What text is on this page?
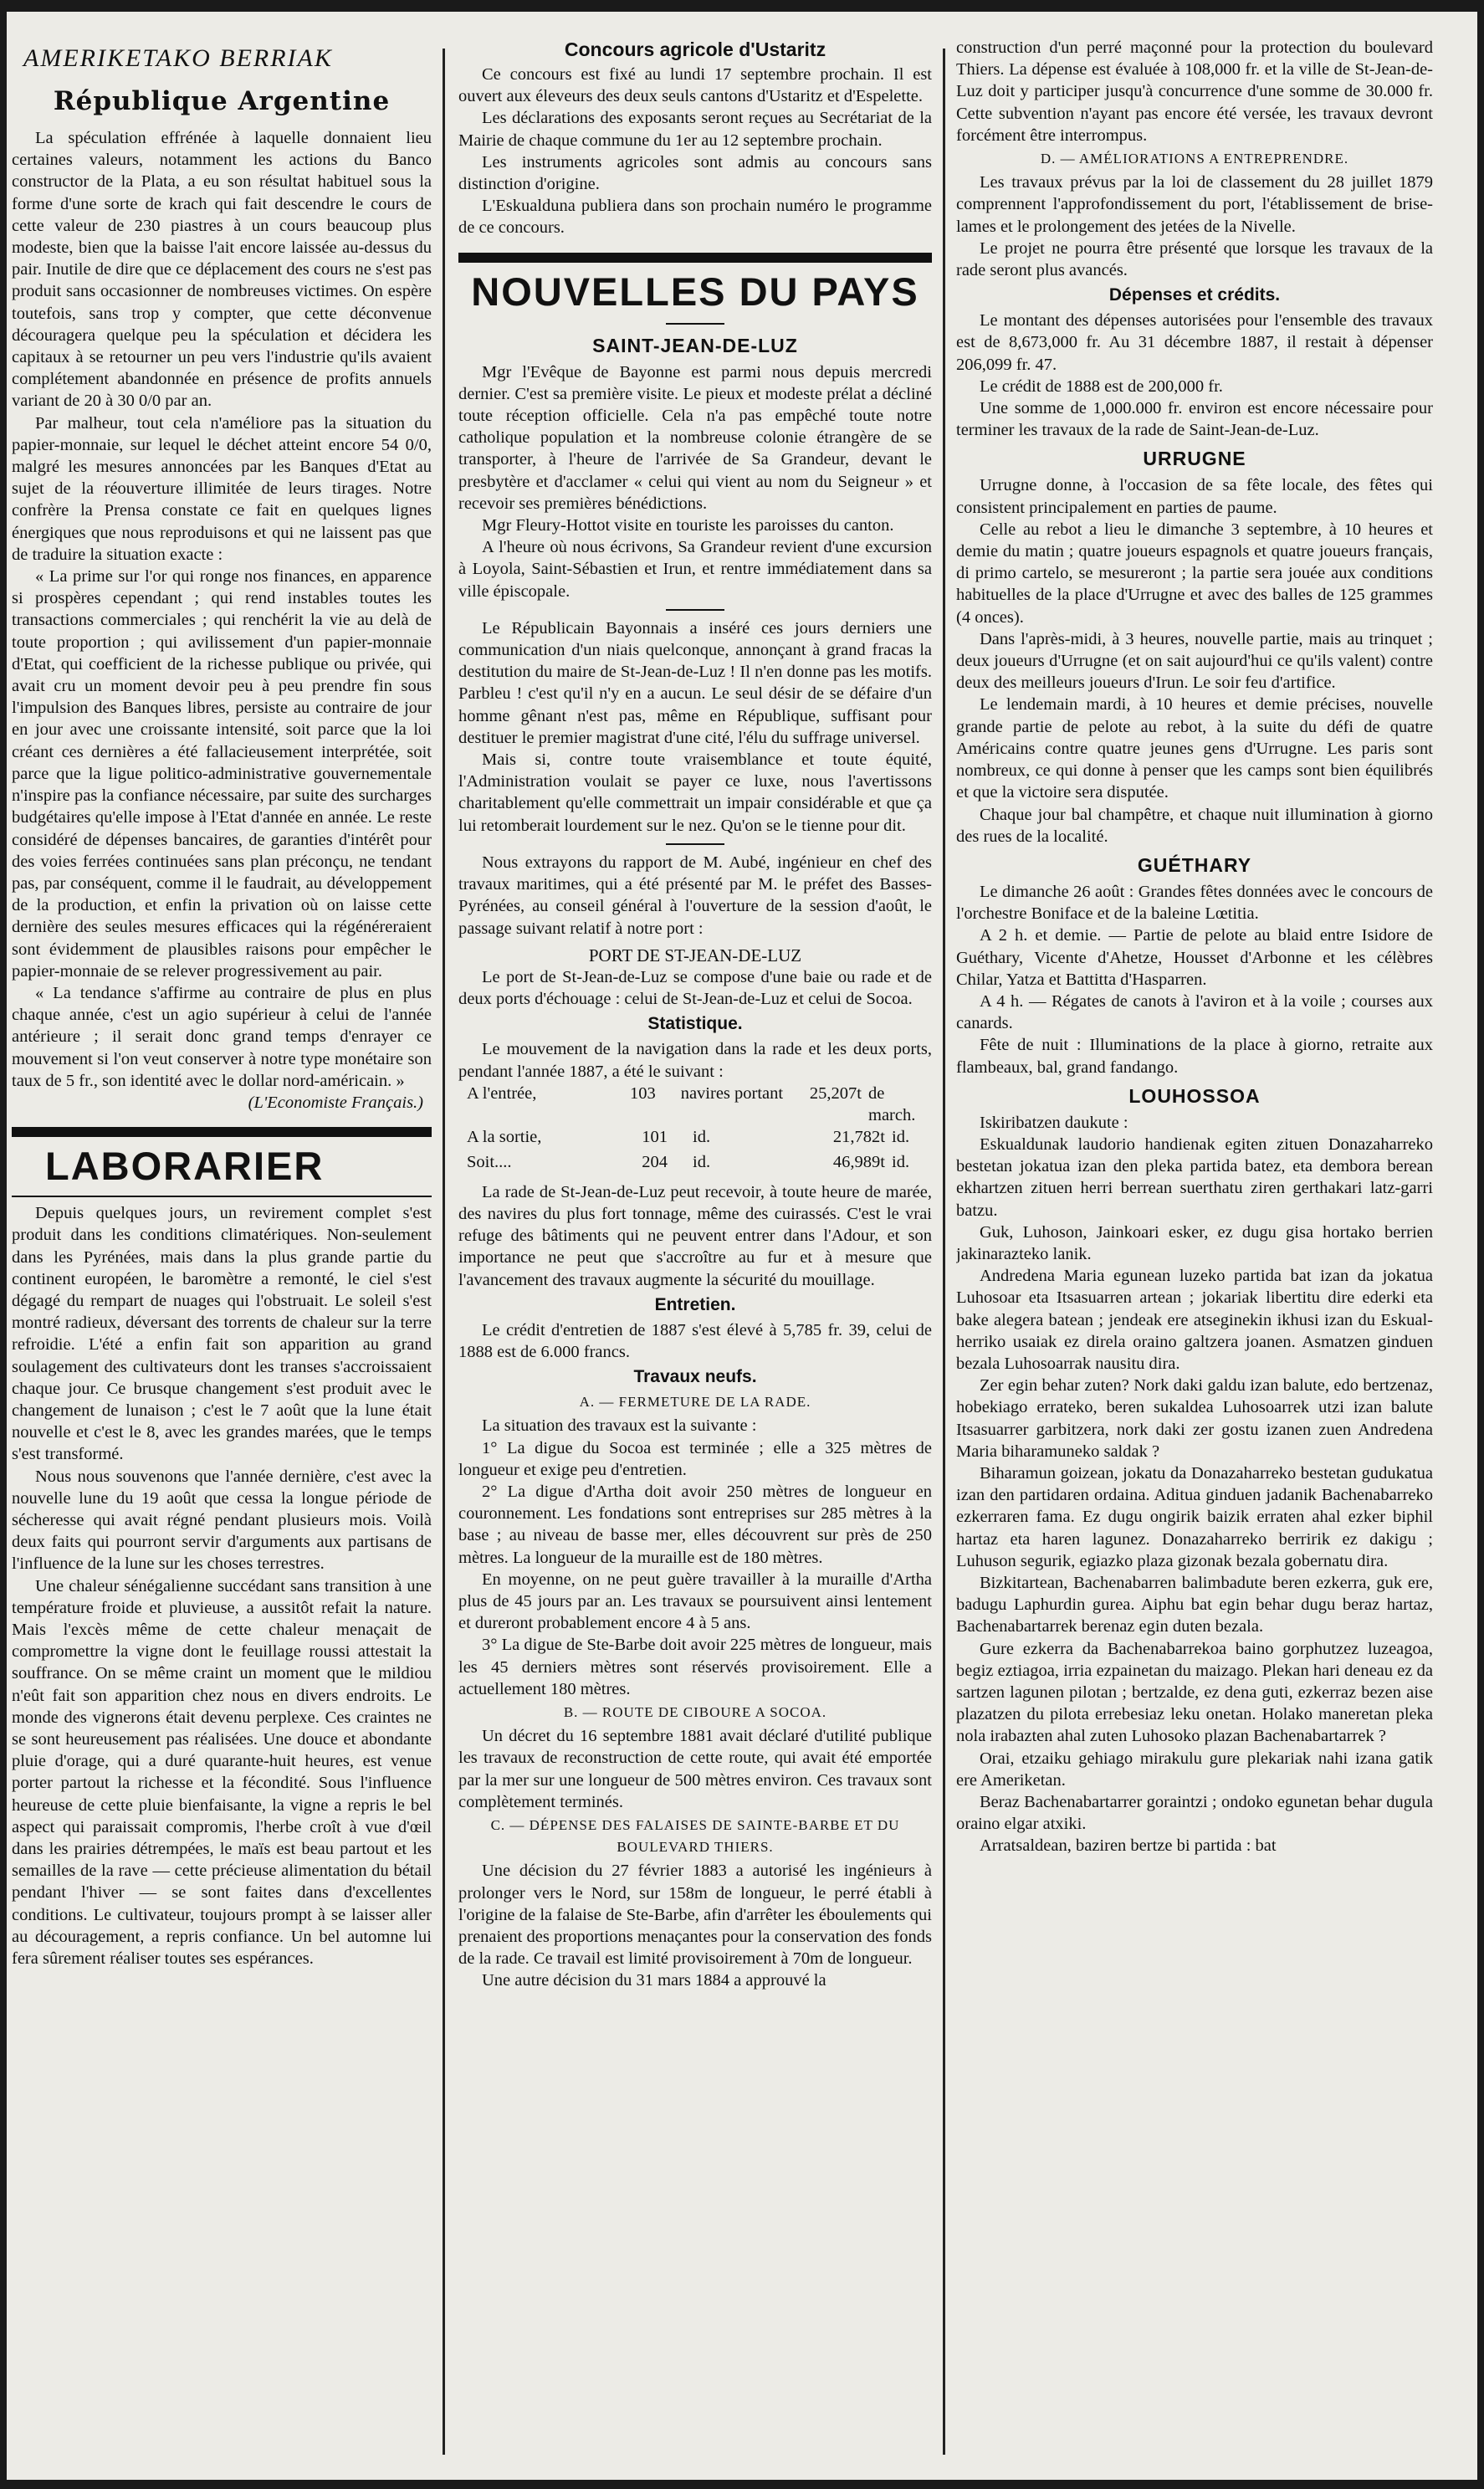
AMERIKETAKO BERRIAK
République Argentine

La spéculation effrénée à laquelle donnaient lieu certaines valeurs, notamment les actions du Banco constructor de la Plata, a eu son résultat habituel sous la forme d'une sorte de krach qui fait descendre le cours de cette valeur de 230 piastres à un cours beaucoup plus modeste, bien que la baisse l'ait encore laissée au-dessus du pair. Inutile de dire que ce déplacement des cours ne s'est pas produit sans occasionner de nombreuses victimes. On espère toutefois, sans trop y compter, que cette déconvenue découragera quelque peu la spéculation et décidera les capitaux à se retourner un peu vers l'industrie qu'ils avaient complétement abandonnée en présence de profits annuels variant de 20 à 30 0/0 par an.

Par malheur, tout cela n'améliore pas la situation du papier-monnaie, sur lequel le déchet atteint encore 54 0/0, malgré les mesures annoncées par les Banques d'Etat au sujet de la réouverture illimitée de leurs tirages. Notre confrère la Prensa constate ce fait en quelques lignes énergiques que nous reproduisons et qui ne laissent pas que de traduire la situation exacte :

« La prime sur l'or qui ronge nos finances, en apparence si prospères cependant ; qui rend instables toutes les transactions commerciales ; qui renchérit la vie au delà de toute proportion ; qui avilissement d'un papier-monnaie d'Etat, qui coefficient de la richesse publique ou privée, qui avait cru un moment devoir peu à peu prendre fin sous l'impulsion des Banques libres, persiste au contraire de jour en jour avec une croissante intensité, soit parce que la loi créant ces dernières a été fallacieusement interprétée, soit parce que la ligue politico-administrative gouvernementale n'inspire pas la confiance nécessaire, par suite des surcharges budgétaires qu'elle impose à l'Etat d'année en année. Le reste considéré de dépenses bancaires, de garanties d'intérêt pour des voies ferrées continuées sans plan préconçu, ne tendant pas, par conséquent, comme il le faudrait, au développement de la production, et enfin la privation où on laisse cette dernière des seules mesures efficaces qui la régénéreraient sont évidemment de plausibles raisons pour empêcher le papier-monnaie de se relever progressivement au pair.

« La tendance s'affirme au contraire de plus en plus chaque année, c'est un agio supérieur à celui de l'année antérieure ; il serait donc grand temps d'enrayer ce mouvement si l'on veut conserver à notre type monétaire son taux de 5 fr., son identité avec le dollar nord-américain. »

(L'Economiste Français.)
LABORARIER

Depuis quelques jours, un revirement complet s'est produit dans les conditions climatériques. Non-seulement dans les Pyrénées, mais dans la plus grande partie du continent européen, le baromètre a remonté, le ciel s'est dégagé du rempart de nuages qui l'obstruait. Le soleil s'est montré radieux, déversant des torrents de chaleur sur la terre refroidie. L'été a enfin fait son apparition au grand soulagement des cultivateurs dont les transes s'accroissaient chaque jour. Ce brusque changement s'est produit avec le changement de lunaison ; c'est le 7 août que la lune était nouvelle et c'est le 8, avec les grandes marées, que le temps s'est transformé.

Nous nous souvenons que l'année dernière, c'est avec la nouvelle lune du 19 août que cessa la longue période de sécheresse qui avait régné pendant plusieurs mois. Voilà deux faits qui pourront servir d'arguments aux partisans de l'influence de la lune sur les choses terrestres.

Une chaleur sénégalienne succédant sans transition à une température froide et pluvieuse, a aussitôt refait la nature. Mais l'excès même de cette chaleur menaçait de compromettre la vigne dont le feuillage roussi attestait la souffrance. On se même craint un moment que le mildiou n'eût fait son apparition chez nous en divers endroits. Le monde des vignerons était devenu perplexe. Ces craintes ne se sont heureusement pas réalisées. Une douce et abondante pluie d'orage, qui a duré quarante-huit heures, est venue porter partout la richesse et la fécondité. Sous l'influence heureuse de cette pluie bienfaisante, la vigne a repris le bel aspect qui paraissait compromis, l'herbe croît à vue d'œil dans les prairies détrempées, le maïs est beau partout et les semailles de la rave — cette précieuse alimentation du bétail pendant l'hiver — se sont faites dans d'excellentes conditions. Le cultivateur, toujours prompt à se laisser aller au découragement, a repris confiance. Un bel automne lui fera sûrement réaliser toutes ses espérances.

Concours agricole d'Ustaritz

Ce concours est fixé au lundi 17 septembre prochain. Il est ouvert aux éleveurs des deux seuls cantons d'Ustaritz et d'Espelette.

Les déclarations des exposants seront reçues au Secrétariat de la Mairie de chaque commune du 1er au 12 septembre prochain.

Les instruments agricoles sont admis au concours sans distinction d'origine.

L'Eskualduna publiera dans son prochain numéro le programme de ce concours.

NOUVELLES DU PAYS
SAINT-JEAN-DE-LUZ

Mgr l'Evêque de Bayonne est parmi nous depuis mercredi dernier. C'est sa première visite. Le pieux et modeste prélat a décliné toute réception officielle. Cela n'a pas empêché toute notre catholique population et la nombreuse colonie étrangère de se transporter, à l'heure de l'arrivée de Sa Grandeur, devant le presbytère et d'acclamer « celui qui vient au nom du Seigneur » et recevoir ses premières bénédictions.

Mgr Fleury-Hottot visite en touriste les paroisses du canton.

A l'heure où nous écrivons, Sa Grandeur revient d'une excursion à Loyola, Saint-Sébastien et Irun, et rentre immédiatement dans sa ville épiscopale.

Le Républicain Bayonnais a inséré ces jours derniers une communication d'un niais quelconque, annonçant à grand fracas la destitution du maire de St-Jean-de-Luz ! Il n'en donne pas les motifs. Parbleu ! c'est qu'il n'y en a aucun. Le seul désir de se défaire d'un homme gênant n'est pas, même en République, suffisant pour destituer le premier magistrat d'une cité, l'élu du suffrage universel.

Mais si, contre toute vraisemblance et toute équité, l'Administration voulait se payer ce luxe, nous l'avertissons charitablement qu'elle commettrait un impair considérable et que ça lui retomberait lourdement sur le nez. Qu'on se le tienne pour dit.

Nous extrayons du rapport de M. Aubé, ingénieur en chef des travaux maritimes, qui a été présenté par M. le préfet des Basses-Pyrénées, au conseil général à l'ouverture de la session d'août, le passage suivant relatif à notre port :

PORT DE ST-JEAN-DE-LUZ

Le port de St-Jean-de-Luz se compose d'une baie ou rade et de deux ports d'échouage : celui de St-Jean-de-Luz et celui de Socoa.

Statistique.

Le mouvement de la navigation dans la rade et les deux ports, pendant l'année 1887, a été le suivant :

A l'entrée,	103	navires portant	25,207t de march.
A la sortie,	101	id.	21,782t id.
Soit....	204	id.	46,989t id.

La rade de St-Jean-de-Luz peut recevoir, à toute heure de marée, des navires du plus fort tonnage, même des cuirassés. C'est le vrai refuge des bâtiments qui ne peuvent entrer dans l'Adour, et son importance ne peut que s'accroître au fur et à mesure que l'avancement des travaux augmente la sécurité du mouillage.

Entretien.

Le crédit d'entretien de 1887 s'est élevé à 5,785 fr. 39, celui de 1888 est de 6.000 francs.

Travaux neufs.
A. — FERMETURE DE LA RADE.

La situation des travaux est la suivante :

1° La digue du Socoa est terminée ; elle a 325 mètres de longueur et exige peu d'entretien.

2° La digue d'Artha doit avoir 250 mètres de longueur en couronnement. Les fondations sont entreprises sur 285 mètres à la base ; au niveau de basse mer, elles découvrent sur près de 250 mètres. La longueur de la muraille est de 180 mètres.

En moyenne, on ne peut guère travailler à la muraille d'Artha plus de 45 jours par an. Les travaux se poursuivent ainsi lentement et dureront probablement encore 4 à 5 ans.

3° La digue de Ste-Barbe doit avoir 225 mètres de longueur, mais les 45 derniers mètres sont réservés provisoirement. Elle a actuellement 180 mètres.

B. — ROUTE DE CIBOURE A SOCOA.

Un décret du 16 septembre 1881 avait déclaré d'utilité publique les travaux de reconstruction de cette route, qui avait été emportée par la mer sur une longueur de 500 mètres environ. Ces travaux sont complètement terminés.

C. — DÉPENSE DES FALAISES DE SAINTE-BARBE ET DU BOULEVARD THIERS.

Une décision du 27 février 1883 a autorisé les ingénieurs à prolonger vers le Nord, sur 158m de longueur, le perré établi à l'origine de la falaise de Ste-Barbe, afin d'arrêter les éboulements qui prenaient des proportions menaçantes pour la conservation des fonds de la rade. Ce travail est limité provisoirement à 70m de longueur.

Une autre décision du 31 mars 1884 a approuvé la

construction d'un perré maçonné pour la protection du boulevard Thiers. La dépense est évaluée à 108,000 fr. et la ville de St-Jean-de-Luz doit y participer jusqu'à concurrence d'une somme de 30.000 fr. Cette subvention n'ayant pas encore été versée, les travaux devront forcément être interrompus.

D. — AMÉLIORATIONS A ENTREPRENDRE.

Les travaux prévus par la loi de classement du 28 juillet 1879 comprennent l'approfondissement du port, l'établissement de brise-lames et le prolongement des jetées de la Nivelle.

Le projet ne pourra être présenté que lorsque les travaux de la rade seront plus avancés.

Dépenses et crédits.

Le montant des dépenses autorisées pour l'ensemble des travaux est de 8,673,000 fr. Au 31 décembre 1887, il restait à dépenser 206,099 fr. 47.

Le crédit de 1888 est de 200,000 fr.

Une somme de 1,000.000 fr. environ est encore nécessaire pour terminer les travaux de la rade de Saint-Jean-de-Luz.

URRUGNE

Urrugne donne, à l'occasion de sa fête locale, des fêtes qui consistent principalement en parties de paume.

Celle au rebot a lieu le dimanche 3 septembre, à 10 heures et demie du matin ; quatre joueurs espagnols et quatre joueurs français, di primo cartelo, se mesureront ; la partie sera jouée aux conditions habituelles de la place d'Urrugne et avec des balles de 125 grammes (4 onces).

Dans l'après-midi, à 3 heures, nouvelle partie, mais au trinquet ; deux joueurs d'Urrugne (et on sait aujourd'hui ce qu'ils valent) contre deux des meilleurs joueurs d'Irun. Le soir feu d'artifice.

Le lendemain mardi, à 10 heures et demie précises, nouvelle grande partie de pelote au rebot, à la suite du défi de quatre Américains contre quatre jeunes gens d'Urrugne. Les paris sont nombreux, ce qui donne à penser que les camps sont bien équilibrés et que la victoire sera disputée.

Chaque jour bal champêtre, et chaque nuit illumination à giorno des rues de la localité.

GUÉTHARY

Le dimanche 26 août : Grandes fêtes données avec le concours de l'orchestre Boniface et de la baleine Lœtitia.

A 2 h. et demie. — Partie de pelote au blaid entre Isidore de Guéthary, Vicente d'Ahetze, Housset d'Arbonne et les célèbres Chilar, Yatza et Battitta d'Hasparren.

A 4 h. — Régates de canots à l'aviron et à la voile ; courses aux canards.

Fête de nuit : Illuminations de la place à giorno, retraite aux flambeaux, bal, grand fandango.

LOUHOSSOA

Iskiribatzen daukute :

Eskualdunak laudorio handienak egiten zituen Donazaharreko bestetan jokatua izan den pleka partida batez, eta dembora berean ekhartzen zituen herri berrean suerthatu ziren gerthakari latz-garri batzu.

Guk, Luhoson, Jainkoari esker, ez dugu gisa hortako berrien jakinarazteko lanik.

Andredena Maria egunean luzeko partida bat izan da jokatua Luhosoar eta Itsasuarren artean ; jokariak libertitu dire ederki eta bake alegera batean ; jendeak ere atseginekin ikhusi izan du Eskual-herriko usaiak ez direla oraino galtzera joanen. Asmatzen ginduen bezala Luhosoarrak nausitu dira.

Zer egin behar zuten? Nork daki galdu izan balute, edo bertzenaz, hobekiago errateko, beren sukaldea Luhosoarrek utzi izan balute Itsasuarrer garbitzera, nork daki zer gostu izanen zuen Andredena Maria biharamuneko saldak ?

Biharamun goizean, jokatu da Donazaharreko bestetan gudukatua izan den partidaren ordaina. Aditua ginduen jadanik Bachenabarreko ezkerraren fama. Ez dugu ongirik baizik erraten ahal ezker biphil hartaz eta haren lagunez. Donazaharreko berririk ez dakigu ; Luhuson segurik, egiazko plaza gizonak bezala gobernatu dira.

Bizkitartean, Bachenabarren balimbadute beren ezkerra, guk ere, badugu Laphurdin gurea. Aiphu bat egin behar dugu beraz hartaz, Bachenabartarrek berenaz egin duten bezala.

Gure ezkerra da Bachenabarrekoa baino gorphutzez luzeagoa, begiz eztiagoa, irria ezpainetan du maizago. Plekan hari deneau ez da sartzen lagunen pilotan ; bertzalde, ez dena guti, ezkerraz bezen aise plazatzen du pilota errebesiaz leku onetan. Holako maneretan pleka nola irabazten ahal zuten Luhosoko plazan Bachenabartarrek ?

Orai, etzaiku gehiago mirakulu gure plekariak nahi izana gatik ere Ameriketan.

Beraz Bachenabartarrer goraintzi ; ondoko egunetan behar dugula oraino elgar atxiki.

Arratsaldean, baziren bertze bi partida : bat
